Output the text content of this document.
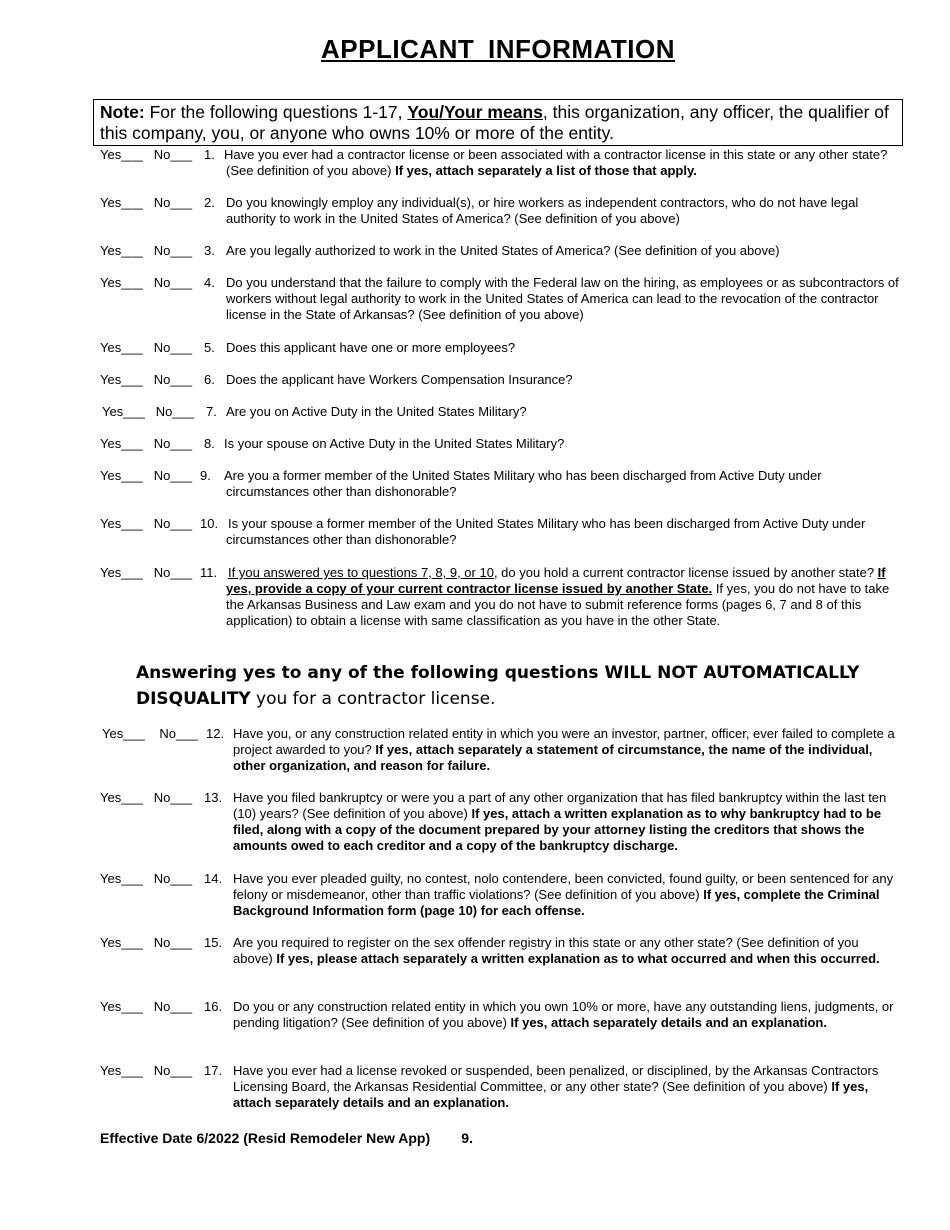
APPLICANT INFORMATION
Note: For the following questions 1-17, You/Your means, this organization, any officer, the qualifier of this company, you, or anyone who owns 10% or more of the entity.
Yes___ No___ 1. Have you ever had a contractor license or been associated with a contractor license in this state or any other state? (See definition of you above) If yes, attach separately a list of those that apply.
Yes___ No___ 2. Do you knowingly employ any individual(s), or hire workers as independent contractors, who do not have legal authority to work in the United States of America? (See definition of you above)
Yes___ No___ 3. Are you legally authorized to work in the United States of America? (See definition of you above)
Yes___ No___ 4. Do you understand that the failure to comply with the Federal law on the hiring, as employees or as subcontractors of workers without legal authority to work in the United States of America can lead to the revocation of the contractor license in the State of Arkansas? (See definition of you above)
Yes___ No___ 5. Does this applicant have one or more employees?
Yes___ No___ 6. Does the applicant have Workers Compensation Insurance?
Yes___ No___ 7. Are you on Active Duty in the United States Military?
Yes___ No___ 8. Is your spouse on Active Duty in the United States Military?
Yes___ No___ 9.	Are you a former member of the United States Military who has been discharged from Active Duty under circumstances other than dishonorable?
Yes___ No___ 10. Is your spouse a former member of the United States Military who has been discharged from Active Duty under circumstances other than dishonorable?
Yes___ No___ 11. If you answered yes to questions 7, 8, 9, or 10, do you hold a current contractor license issued by another state? If yes, provide a copy of your current contractor license issued by another State. If yes, you do not have to take the Arkansas Business and Law exam and you do not have to submit reference forms (pages 6, 7 and 8 of this application) to obtain a license with same classification as you have in the other State.
Answering yes to any of the following questions WILL NOT AUTOMATICALLY DISQUALITY you for a contractor license.
Yes___ No___ 12. Have you, or any construction related entity in which you were an investor, partner, officer, ever failed to complete a project awarded to you? If yes, attach separately a statement of circumstance, the name of the individual, other organization, and reason for failure.
Yes___ No___ 13. Have you filed bankruptcy or were you a part of any other organization that has filed bankruptcy within the last ten (10) years? (See definition of you above) If yes, attach a written explanation as to why bankruptcy had to be filed, along with a copy of the document prepared by your attorney listing the creditors that shows the amounts owed to each creditor and a copy of the bankruptcy discharge.
Yes___ No___ 14. Have you ever pleaded guilty, no contest, nolo contendere, been convicted, found guilty, or been sentenced for any felony or misdemeanor, other than traffic violations? (See definition of you above) If yes, complete the Criminal Background Information form (page 10) for each offense.
Yes___ No___ 15. Are you required to register on the sex offender registry in this state or any other state? (See definition of you above) If yes, please attach separately a written explanation as to what occurred and when this occurred.
Yes___ No___ 16. Do you or any construction related entity in which you own 10% or more, have any outstanding liens, judgments, or pending litigation? (See definition of you above) If yes, attach separately details and an explanation.
Yes___ No___ 17. Have you ever had a license revoked or suspended, been penalized, or disciplined, by the Arkansas Contractors Licensing Board, the Arkansas Residential Committee, or any other state? (See definition of you above) If yes, attach separately details and an explanation.
Effective Date 6/2022 (Resid Remodeler New App) 9.
